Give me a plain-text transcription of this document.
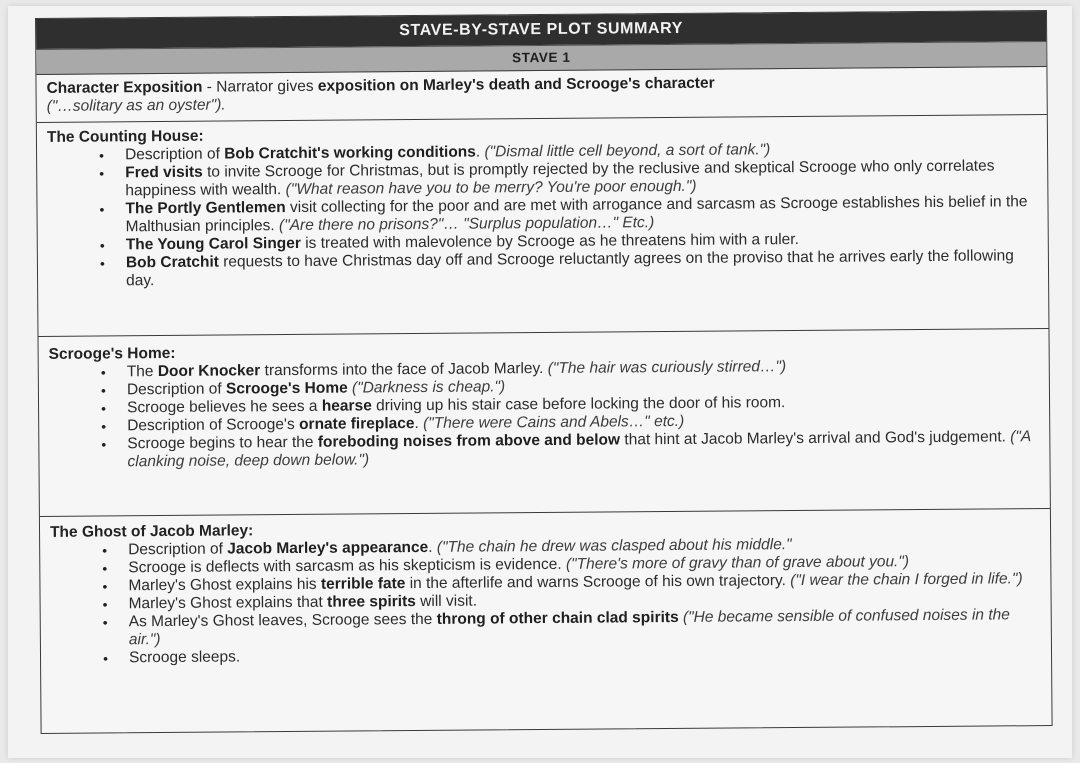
STAVE-BY-STAVE PLOT SUMMARY
STAVE 1
Character Exposition - Narrator gives exposition on Marley's death and Scrooge's character
("…solitary as an oyster").
The Counting House:
• Description of Bob Cratchit's working conditions. ("Dismal little cell beyond, a sort of tank.")
• Fred visits to invite Scrooge for Christmas, but is promptly rejected by the reclusive and skeptical Scrooge who only correlates happiness with wealth. ("What reason have you to be merry? You're poor enough.")
• The Portly Gentlemen visit collecting for the poor and are met with arrogance and sarcasm as Scrooge establishes his belief in the Malthusian principles. ("Are there no prisons?"… "Surplus population…" Etc.)
• The Young Carol Singer is treated with malevolence by Scrooge as he threatens him with a ruler.
• Bob Cratchit requests to have Christmas day off and Scrooge reluctantly agrees on the proviso that he arrives early the following day.
Scrooge's Home:
• The Door Knocker transforms into the face of Jacob Marley. ("The hair was curiously stirred…")
• Description of Scrooge's Home ("Darkness is cheap.")
• Scrooge believes he sees a hearse driving up his stair case before locking the door of his room.
• Description of Scrooge's ornate fireplace. ("There were Cains and Abels…" etc.)
• Scrooge begins to hear the foreboding noises from above and below that hint at Jacob Marley's arrival and God's judgement. ("A clanking noise, deep down below.")
The Ghost of Jacob Marley:
• Description of Jacob Marley's appearance. ("The chain he drew was clasped about his middle."
• Scrooge is deflects with sarcasm as his skepticism is evidence. ("There's more of gravy than of grave about you.")
• Marley's Ghost explains his terrible fate in the afterlife and warns Scrooge of his own trajectory. ("I wear the chain I forged in life.")
• Marley's Ghost explains that three spirits will visit.
• As Marley's Ghost leaves, Scrooge sees the throng of other chain clad spirits ("He became sensible of confused noises in the air.")
• Scrooge sleeps.
